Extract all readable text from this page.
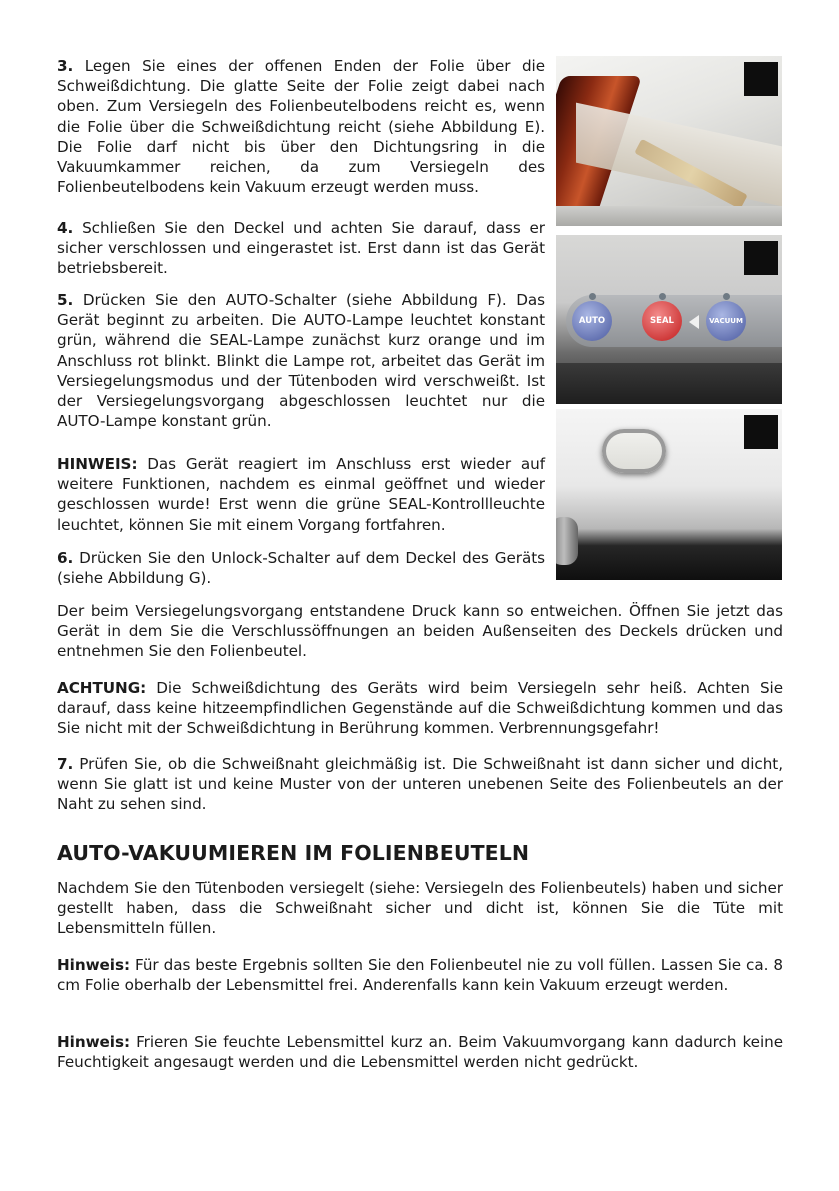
3. Legen Sie eines der offenen Enden der Folie über die Schweißdichtung. Die glatte Seite der Folie zeigt dabei nach oben. Zum Versiegeln des Folienbeutelbodens reicht es, wenn die Folie über die Schweißdichtung reicht (siehe Abbildung E). Die Folie darf nicht bis über den Dichtungsring in die Vakuumkammer reichen, da zum Versiegeln des Folienbeutelbodens kein Vakuum erzeugt werden muss.

4. Schließen Sie den Deckel und achten Sie darauf, dass er sicher verschlossen und eingerastet ist. Erst dann ist das Gerät betriebsbereit.

5. Drücken Sie den AUTO-Schalter (siehe Abbildung F). Das Gerät beginnt zu arbeiten. Die AUTO-Lampe leuchtet konstant grün, während die SEAL-Lampe zunächst kurz orange und im Anschluss rot blinkt. Blinkt die Lampe rot, arbeitet das Gerät im Versiegelungsmodus und der Tütenboden wird verschweißt. Ist der Versiegelungsvorgang abgeschlossen leuchtet nur die AUTO-Lampe konstant grün.

HINWEIS: Das Gerät reagiert im Anschluss erst wieder auf weitere Funktionen, nachdem es einmal geöffnet und wieder geschlossen wurde! Erst wenn die grüne SEAL-Kontrollleuchte leuchtet, können Sie mit einem Vorgang fortfahren.

6. Drücken Sie den Unlock-Schalter auf dem Deckel des Geräts (siehe Abbildung G).

Der beim Versiegelungsvorgang entstandene Druck kann so entweichen. Öffnen Sie jetzt das Gerät in dem Sie die Verschlussöffnungen an beiden Außenseiten des Deckels drücken und entnehmen Sie den Folienbeutel.

ACHTUNG: Die Schweißdichtung des Geräts wird beim Versiegeln sehr heiß. Achten Sie darauf, dass keine hitzeempfindlichen Gegenstände auf die Schweißdichtung kommen und das Sie nicht mit der Schweißdichtung in Berührung kommen. Verbrennungsgefahr!

7. Prüfen Sie, ob die Schweißnaht gleichmäßig ist. Die Schweißnaht ist dann sicher und dicht, wenn Sie glatt ist und keine Muster von der unteren unebenen Seite des Folienbeutels an der Naht zu sehen sind.

AUTO-VAKUUMIEREN IM FOLIENBEUTELN

Nachdem Sie den Tütenboden versiegelt (siehe: Versiegeln des Folienbeutels) haben und sicher gestellt haben, dass die Schweißnaht sicher und dicht ist, können Sie die Tüte mit Lebensmitteln füllen.

Hinweis: Für das beste Ergebnis sollten Sie den Folienbeutel nie zu voll füllen. Lassen Sie ca. 8 cm Folie oberhalb der Lebensmittel frei. Anderenfalls kann kein Vakuum erzeugt werden.

Hinweis: Frieren Sie feuchte Lebensmittel kurz an. Beim Vakuumvorgang kann dadurch keine Feuchtigkeit angesaugt werden und die Lebensmittel werden nicht gedrückt.

AUTO	SEAL	VACUUM
